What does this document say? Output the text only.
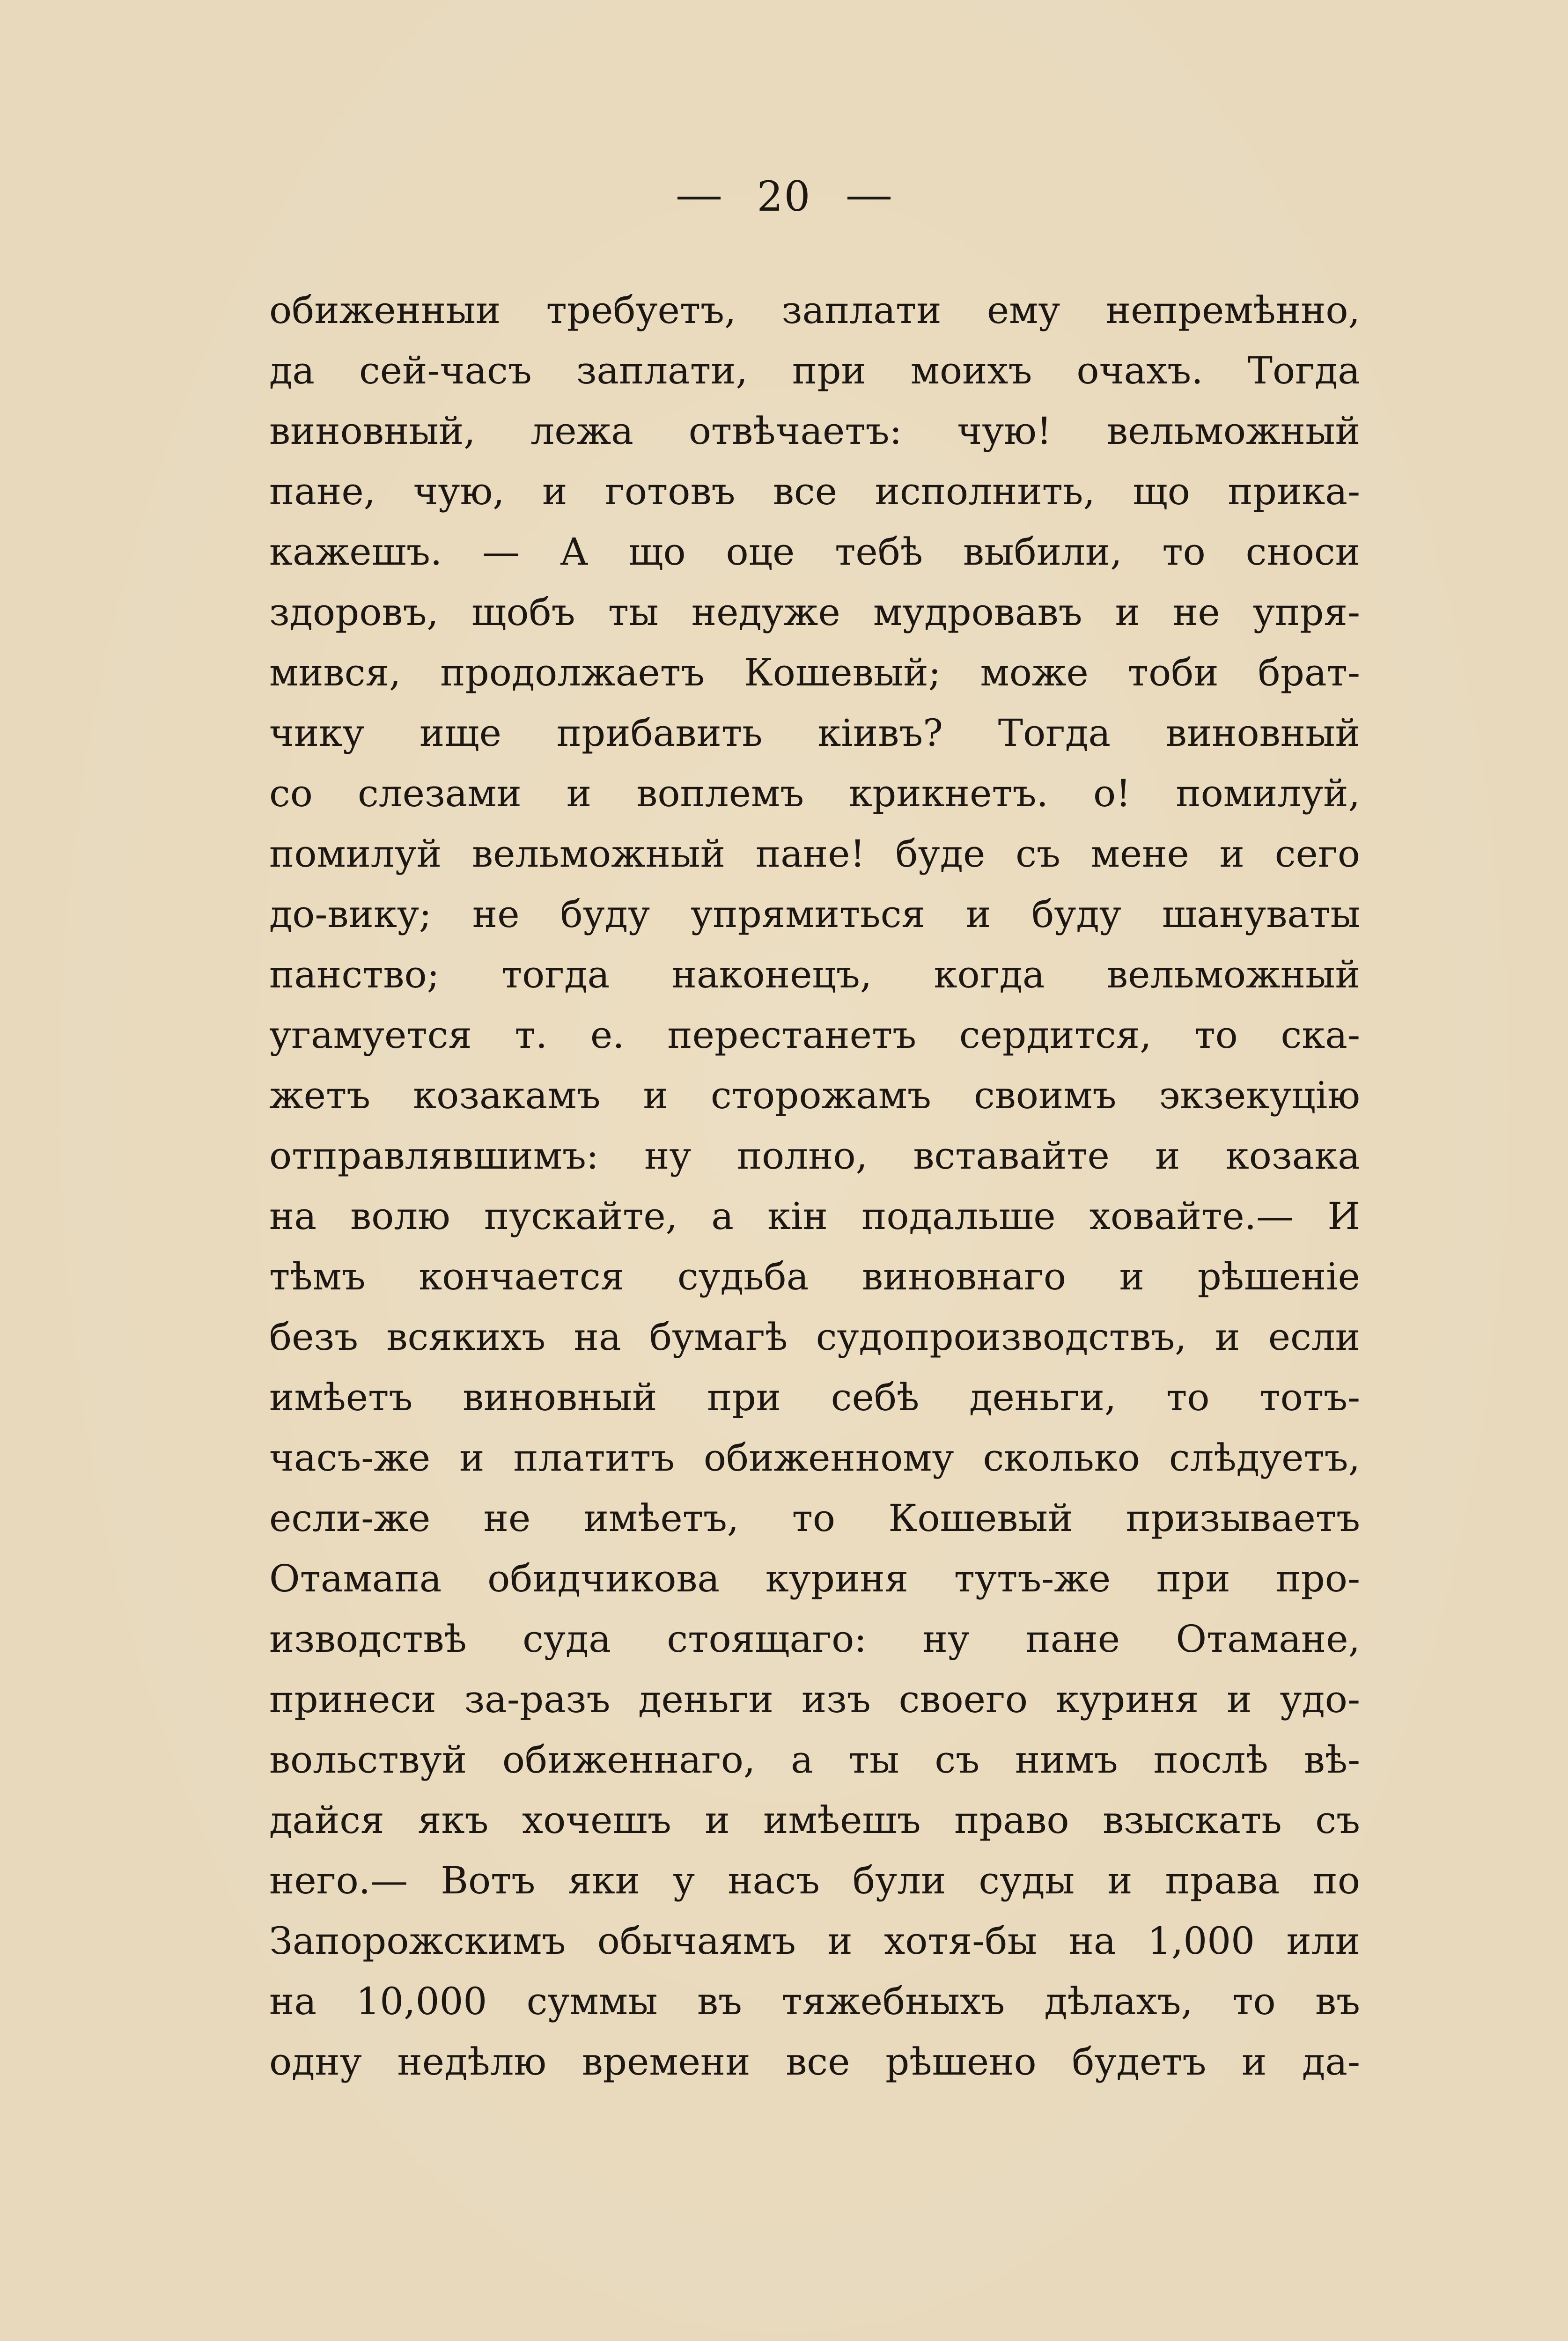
20
обиженныи требуетъ, заплати ему непремѣнно,
да сей-часъ заплати, при моихъ очахъ. Тогда
виновный, лежа отвѣчаетъ: чую! вельможный
пане, чую, и готовъ все исполнить, що прика-
кажешъ. — А що оце тебѣ выбили, то сноси
здоровъ, щобъ ты недуже мудровавъ и не упря-
мився, продолжаетъ Кошевый; може тоби брат-
чику ище прибавить кіивъ? Тогда виновный
со слезами и воплемъ крикнетъ. о! помилуй,
помилуй вельможный пане! буде съ мене и сего
до-вику; не буду упрямиться и буду шануваты
панство; тогда наконецъ, когда вельможный
угамуется т. е. перестанетъ сердится, то ска-
жетъ козакамъ и сторожамъ своимъ экзекуцію
отправлявшимъ: ну полно, вставайте и козака
на волю пускайте, а кін подальше ховайте.— И
тѣмъ кончается судьба виновнаго и рѣшеніе
безъ всякихъ на бумагѣ судопроизводствъ, и если
имѣетъ виновный при себѣ деньги, то тотъ-
часъ-же и платитъ обиженному сколько слѣдуетъ,
если-же не имѣетъ, то Кошевый призываетъ
Отамапа обидчикова куриня тутъ-же при про-
изводствѣ суда стоящаго: ну пане Отамане,
принеси за-разъ деньги изъ своего куриня и удо-
вольствуй обиженнаго, а ты съ нимъ послѣ вѣ-
дайся якъ хочешъ и имѣешъ право взыскать съ
него.— Вотъ яки у насъ були суды и права по
Запорожскимъ обычаямъ и хотя-бы на 1,000 или
на 10,000 суммы въ тяжебныхъ дѣлахъ, то въ
одну недѣлю времени все рѣшено будетъ и да-
